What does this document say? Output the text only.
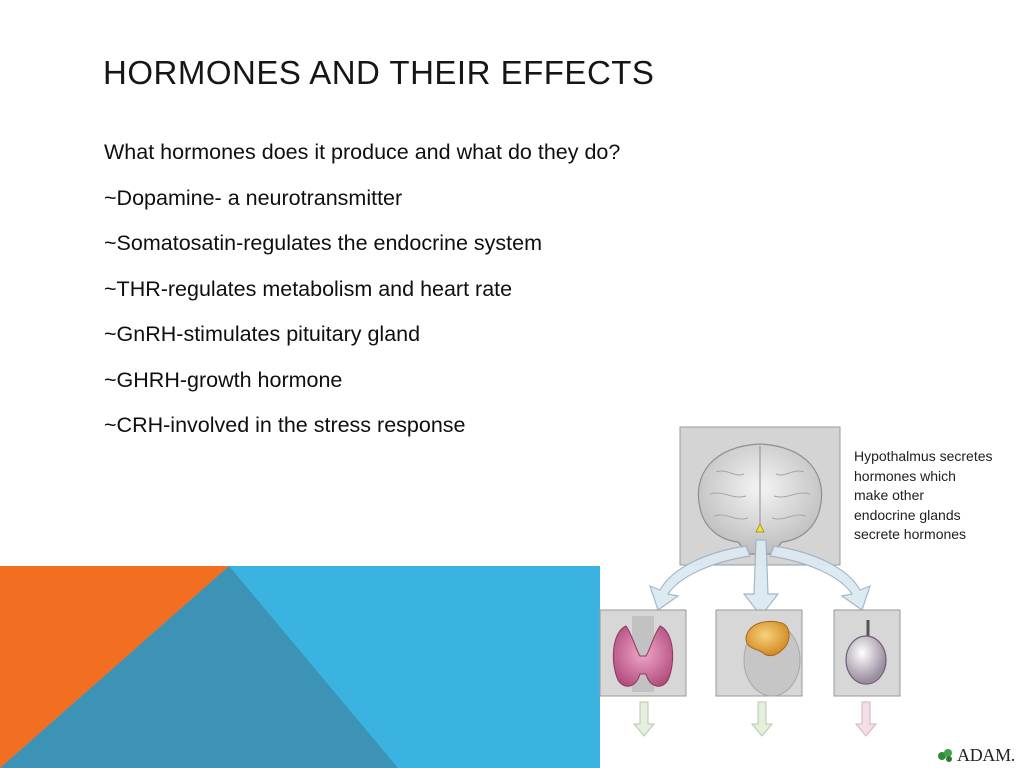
HORMONES AND THEIR EFFECTS
What hormones does it produce and what do they do?
~Dopamine- a neurotransmitter
~Somatosatin-regulates the endocrine system
~THR-regulates metabolism and heart rate
~GnRH-stimulates pituitary gland
~GHRH-growth hormone
~CRH-involved in the stress response
Hypothalmus secretes
hormones which
make other
endocrine glands
secrete hormones
ADAM.
